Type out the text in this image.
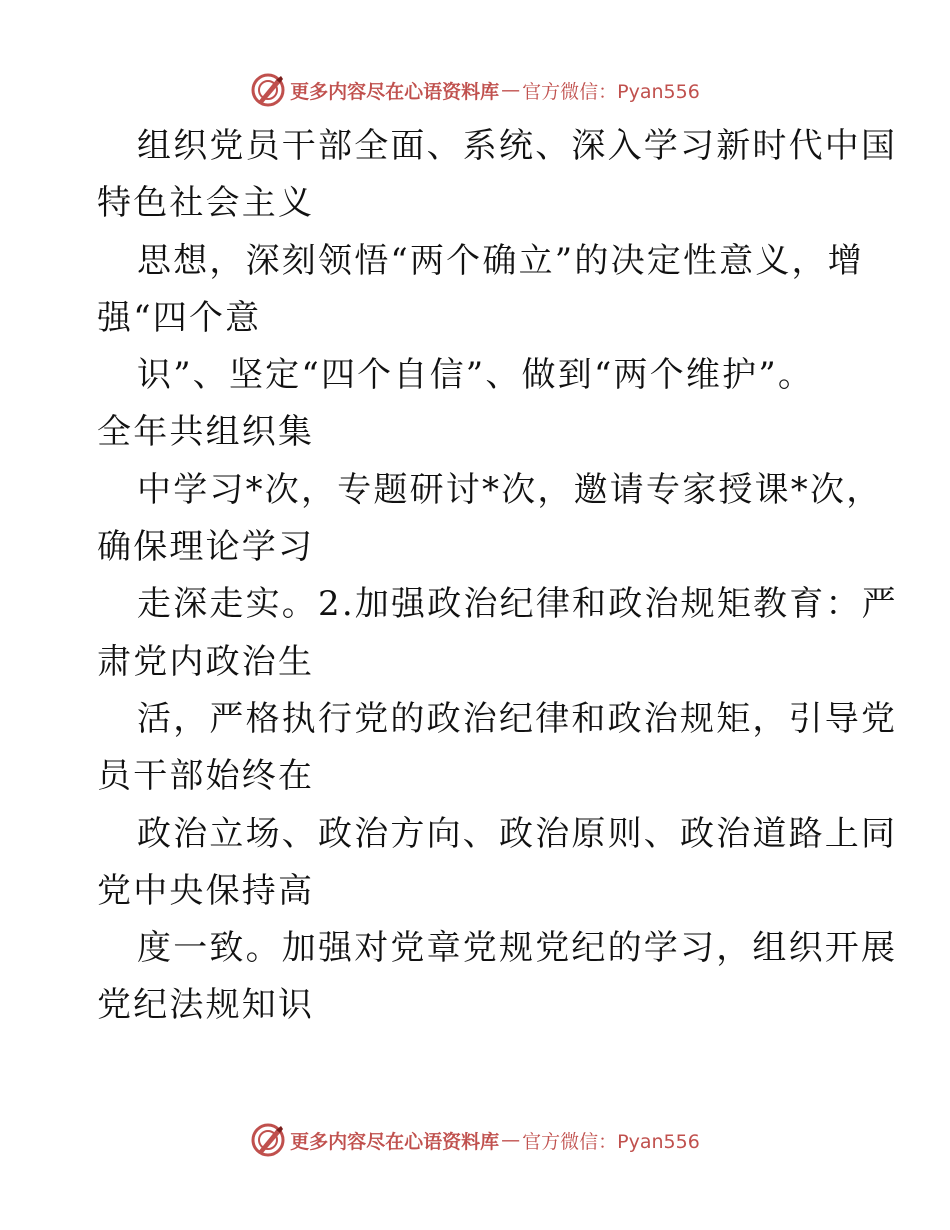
更多内容尽在心语资料库 — 官方微信：Pyan556
组织党员干部全面、系统、深入学习新时代中国
特色社会主义
思想，深刻领悟“两个确立”的决定性意义，增
强“四个意
识”、坚定“四个自信”、做到“两个维护”。
全年共组织集
中学习*次，专题研讨*次，邀请专家授课*次，
确保理论学习
走深走实。2.加强政治纪律和政治规矩教育：严
肃党内政治生
活，严格执行党的政治纪律和政治规矩，引导党
员干部始终在
政治立场、政治方向、政治原则、政治道路上同
党中央保持高
度一致。加强对党章党规党纪的学习，组织开展
党纪法规知识
更多内容尽在心语资料库 — 官方微信：Pyan556
